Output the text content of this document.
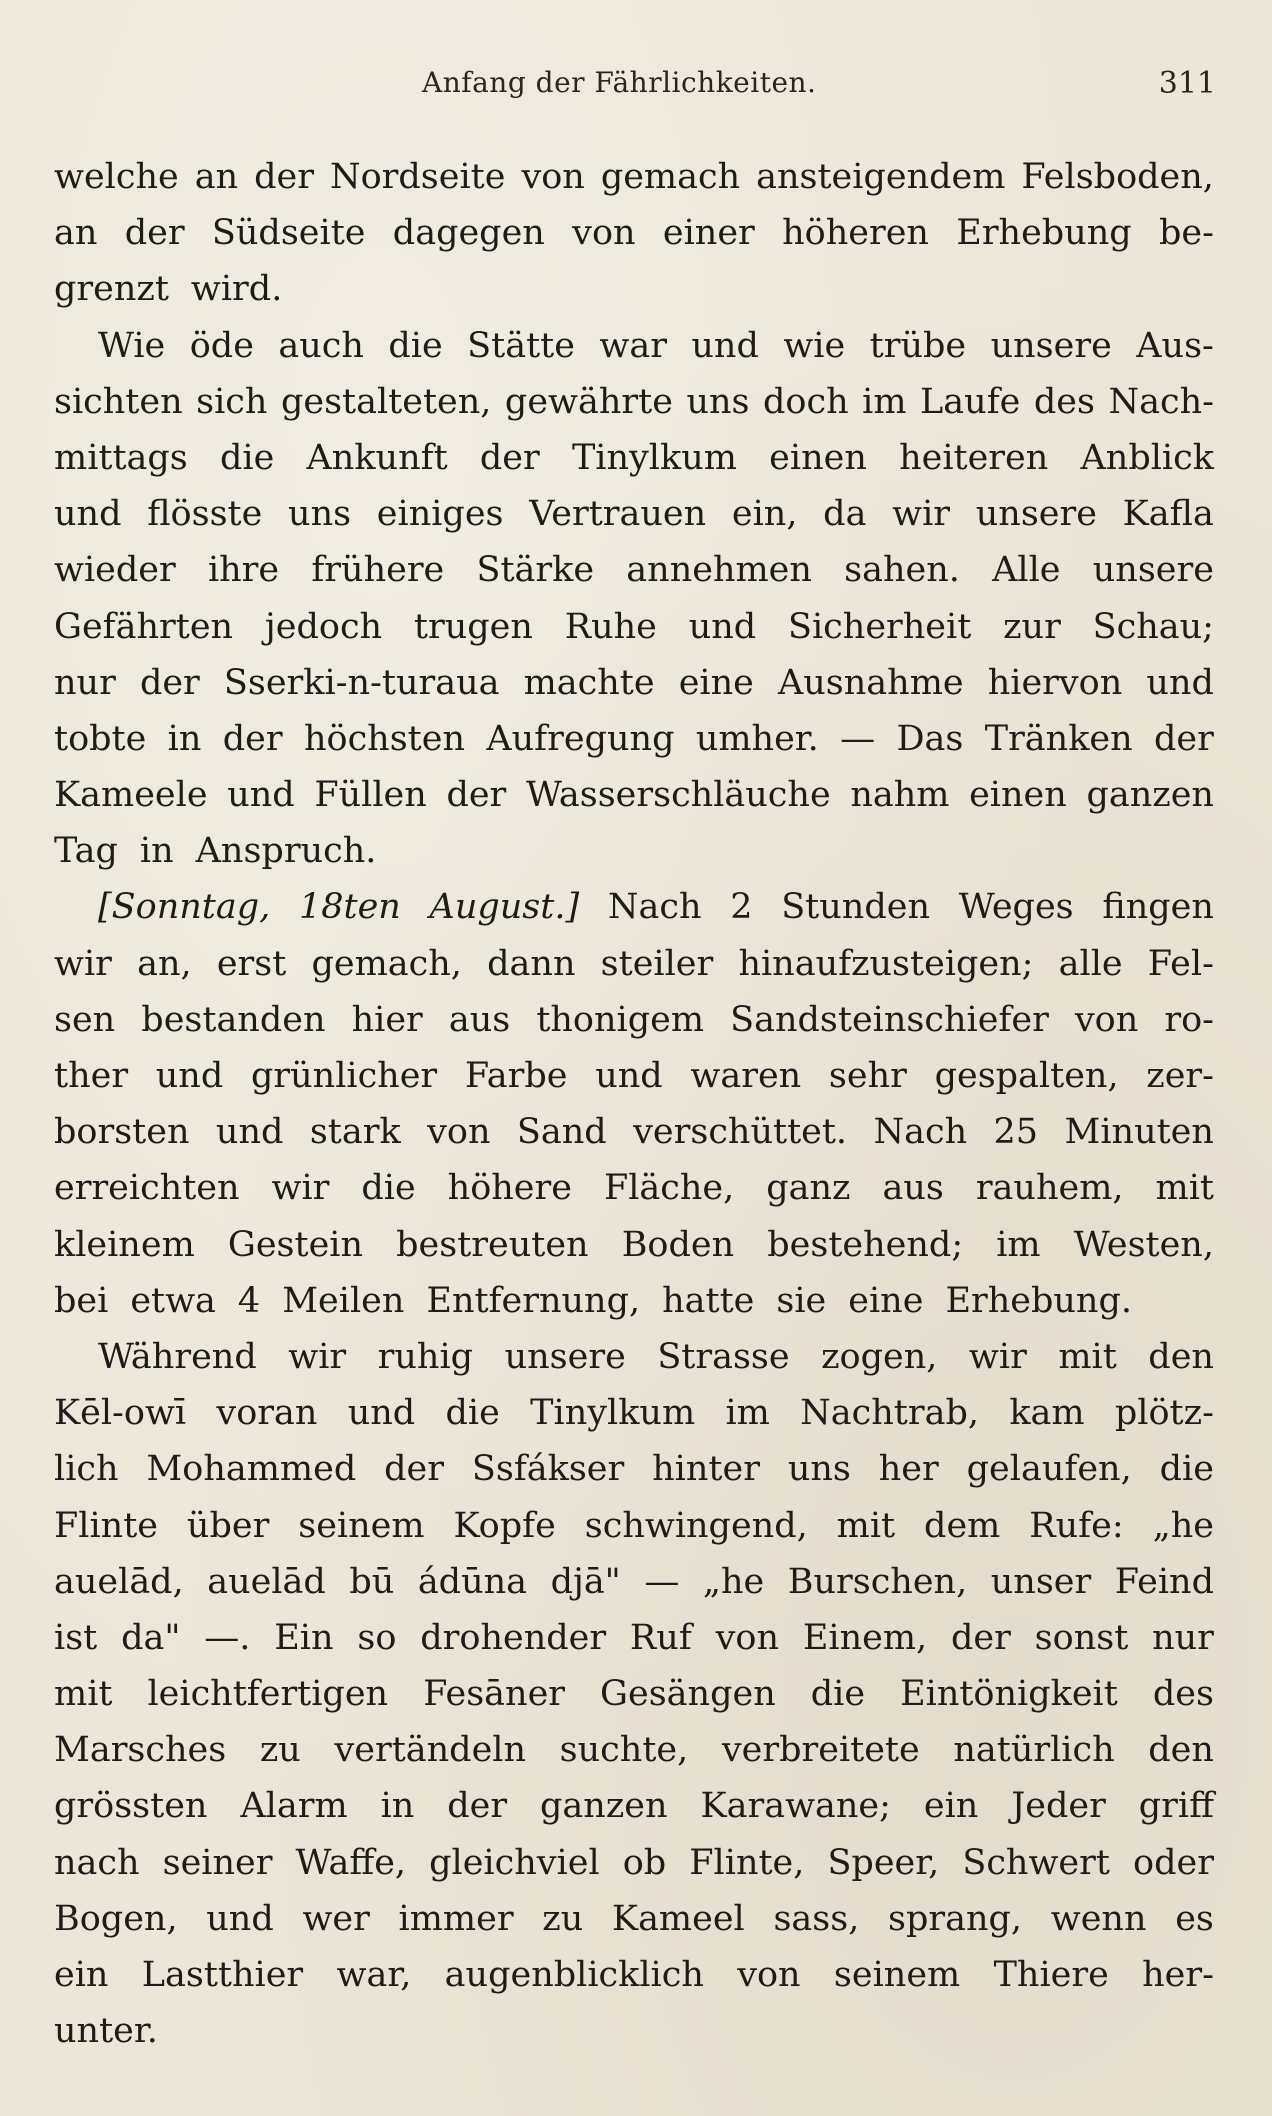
Anfang der Fährlichkeiten.	311
welche an der Nordseite von gemach ansteigendem Felsboden,
an der Südseite dagegen von einer höheren Erhebung be-
grenzt wird.
Wie öde auch die Stätte war und wie trübe unsere Aus-
sichten sich gestalteten, gewährte uns doch im Laufe des Nach-
mittags die Ankunft der Tinylkum einen heiteren Anblick
und flösste uns einiges Vertrauen ein, da wir unsere Kafla
wieder ihre frühere Stärke annehmen sahen. Alle unsere
Gefährten jedoch trugen Ruhe und Sicherheit zur Schau;
nur der Sserki-n-turaua machte eine Ausnahme hiervon und
tobte in der höchsten Aufregung umher. — Das Tränken der
Kameele und Füllen der Wasserschläuche nahm einen ganzen
Tag in Anspruch.
[Sonntag, 18ten August.] Nach 2 Stunden Weges fingen
wir an, erst gemach, dann steiler hinaufzusteigen; alle Fel-
sen bestanden hier aus thonigem Sandsteinschiefer von ro-
ther und grünlicher Farbe und waren sehr gespalten, zer-
borsten und stark von Sand verschüttet. Nach 25 Minuten
erreichten wir die höhere Fläche, ganz aus rauhem, mit
kleinem Gestein bestreuten Boden bestehend; im Westen,
bei etwa 4 Meilen Entfernung, hatte sie eine Erhebung.
Während wir ruhig unsere Strasse zogen, wir mit den
Kēl-owī voran und die Tinylkum im Nachtrab, kam plötz-
lich Mohammed der Ssfákser hinter uns her gelaufen, die
Flinte über seinem Kopfe schwingend, mit dem Rufe: „he
auelād, auelād bū ádūna djā" — „he Burschen, unser Feind
ist da" —. Ein so drohender Ruf von Einem, der sonst nur
mit leichtfertigen Fesāner Gesängen die Eintönigkeit des
Marsches zu vertändeln suchte, verbreitete natürlich den
grössten Alarm in der ganzen Karawane; ein Jeder griff
nach seiner Waffe, gleichviel ob Flinte, Speer, Schwert oder
Bogen, und wer immer zu Kameel sass, sprang, wenn es
ein Lastthier war, augenblicklich von seinem Thiere her-
unter.
